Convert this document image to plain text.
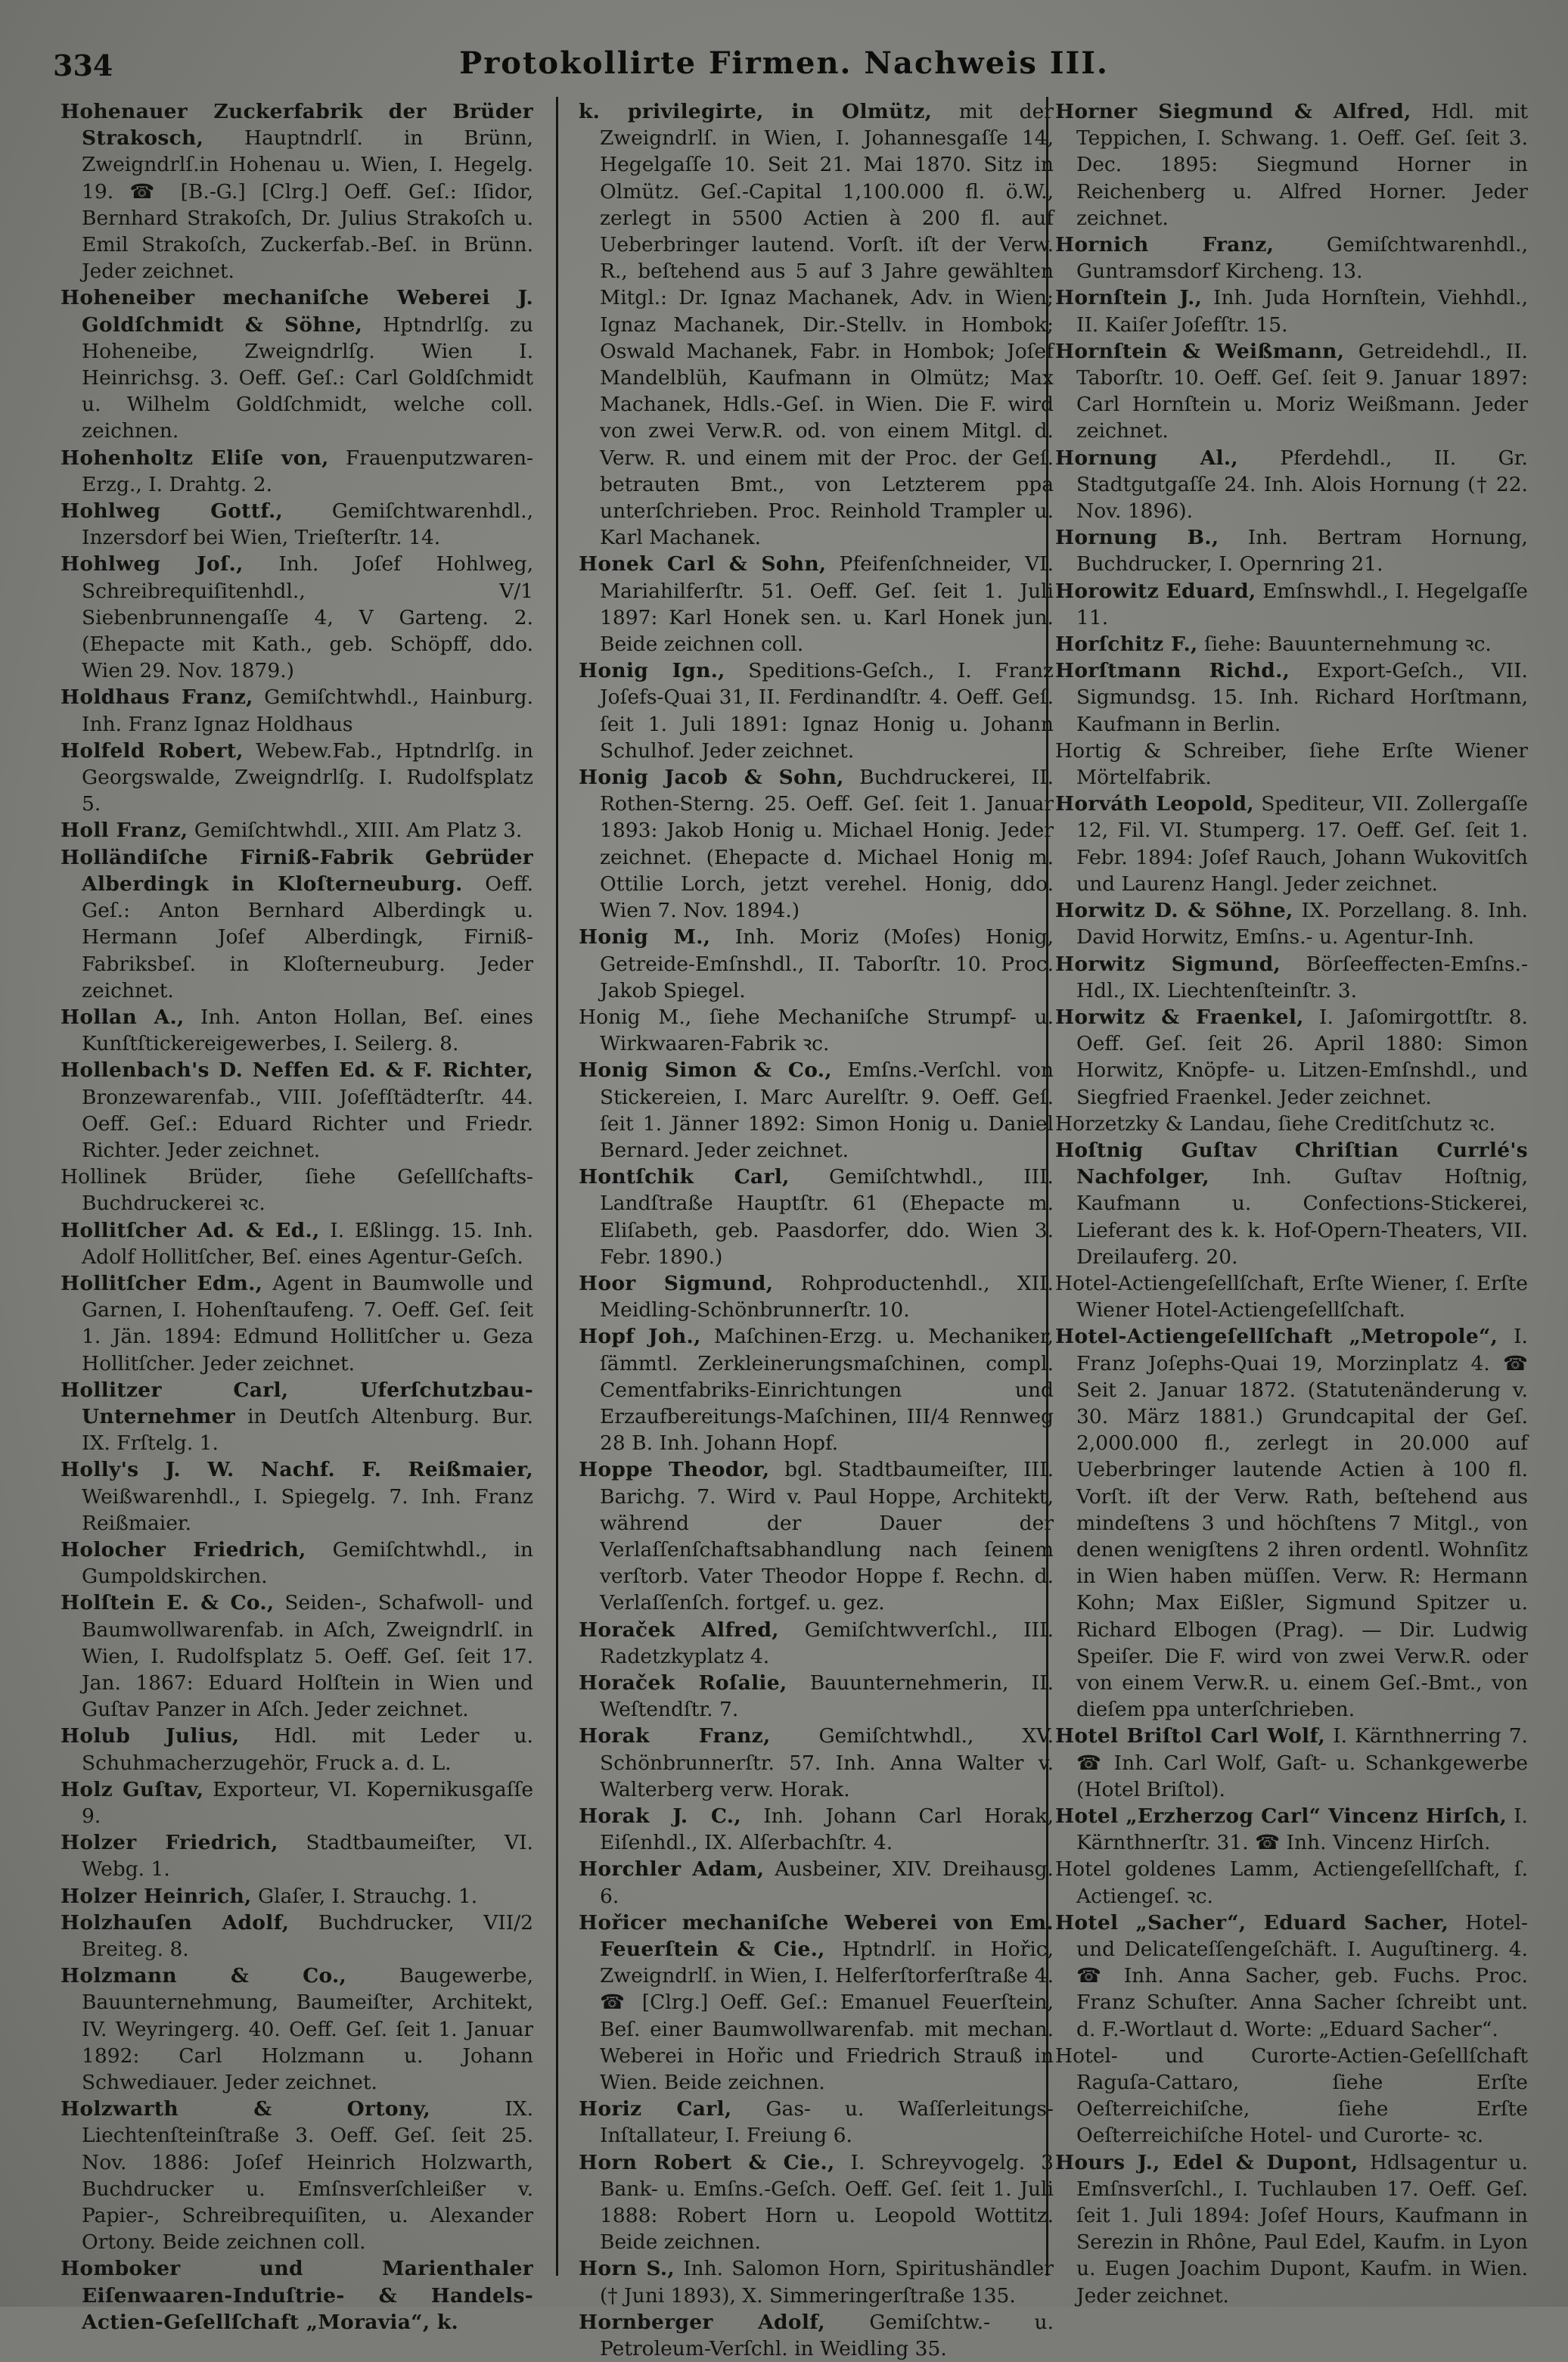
334	Protokollirte Firmen. Nachweis III.

Hohenauer Zuckerfabrik der Brüder Strakosch, Hauptndrlſ. in Brünn, Zweigndrlſ.in Hohenau u. Wien, I. Hegelg. 19. ☎ [B.-G.] [Clrg.] Oeff. Geſ.: Iſidor, Bernhard Strakoſch, Dr. Julius Strakoſch u. Emil Strakoſch, Zuckerfab.-Beſ. in Brünn. Jeder zeichnet.

Hoheneiber mechaniſche Weberei J. Goldſchmidt & Söhne, Hptndrlſg. zu Hoheneibe, Zweigndrlſg. Wien I. Heinrichsg. 3. Oeff. Geſ.: Carl Goldſchmidt u. Wilhelm Goldſchmidt, welche coll. zeichnen.

Hohenholtz Eliſe von, Frauenputzwaren-Erzg., I. Drahtg. 2.

Hohlweg Gottf., Gemiſchtwarenhdl., Inzersdorf bei Wien, Trieſterſtr. 14.

Hohlweg Joſ., Inh. Joſef Hohlweg, Schreibrequiſitenhdl., V/1 Siebenbrunnengaſſe 4, V Garteng. 2. (Ehepacte mit Kath., geb. Schöpff, ddo. Wien 29. Nov. 1879.)

Holdhaus Franz, Gemiſchtwhdl., Hainburg. Inh. Franz Ignaz Holdhaus

Holfeld Robert, Webew.Fab., Hptndrlſg. in Georgswalde, Zweigndrlſg. I. Rudolfsplatz 5.

Holl Franz, Gemiſchtwhdl., XIII. Am Platz 3.

Holländiſche Firniß-Fabrik Gebrüder Alberdingk in Kloſterneuburg. Oeff. Geſ.: Anton Bernhard Alberdingk u. Hermann Joſef Alberdingk, Firniß-Fabriksbeſ. in Kloſterneuburg. Jeder zeichnet.

Hollan A., Inh. Anton Hollan, Beſ. eines Kunſtſtickereigewerbes, I. Seilerg. 8.

Hollenbach's D. Neffen Ed. & F. Richter, Bronzewarenfab., VIII. Joſefſtädterſtr. 44. Oeff. Geſ.: Eduard Richter und Friedr. Richter. Jeder zeichnet.

Hollinek Brüder, ſiehe Geſellſchafts-Buchdruckerei ꝛc.

Hollitſcher Ad. & Ed., I. Eßlingg. 15. Inh. Adolf Hollitſcher, Beſ. eines Agentur-Geſch.

Hollitſcher Edm., Agent in Baumwolle und Garnen, I. Hohenſtaufeng. 7. Oeff. Geſ. ſeit 1. Jän. 1894: Edmund Hollitſcher u. Geza Hollitſcher. Jeder zeichnet.

Hollitzer Carl, Uferſchutzbau-Unternehmer in Deutſch Altenburg. Bur. IX. Frſtelg. 1.

Holly's J. W. Nachf. F. Reißmaier, Weißwarenhdl., I. Spiegelg. 7. Inh. Franz Reißmaier.

Holocher Friedrich, Gemiſchtwhdl., in Gumpoldskirchen.

Holſtein E. & Co., Seiden-, Schafwoll- und Baumwollwarenfab. in Aſch, Zweigndrlſ. in Wien, I. Rudolfsplatz 5. Oeff. Geſ. ſeit 17. Jan. 1867: Eduard Holſtein in Wien und Guſtav Panzer in Aſch. Jeder zeichnet.

Holub Julius, Hdl. mit Leder u. Schuhmacherzugehör, Fruck a. d. L.

Holz Guſtav, Exporteur, VI. Kopernikusgaſſe 9.

Holzer Friedrich, Stadtbaumeiſter, VI. Webg. 1.

Holzer Heinrich, Glaſer, I. Strauchg. 1.

Holzhauſen Adolf, Buchdrucker, VII/2 Breiteg. 8.

Holzmann & Co.,	Baugewerbe, Bauunternehmung, Baumeiſter, Architekt, IV. Weyringerg. 40. Oeff. Geſ. ſeit 1. Januar 1892: Carl Holzmann u. Johann Schwediauer. Jeder zeichnet.

Holzwarth & Ortony,	IX. Liechtenſteinſtraße 3. Oeff. Geſ. ſeit 25. Nov. 1886: Joſef Heinrich Holzwarth, Buchdrucker u. Emſnsverſchleißer v. Papier-, Schreibrequiſiten, u. Alexander Ortony. Beide zeichnen coll.

Homboker und Marienthaler Eiſenwaaren-Induſtrie- & Handels-Actien-Geſellſchaft „Moravia“, k.

k. privilegirte, in Olmütz, mit der Zweigndrlſ. in Wien, I. Johannesgaſſe 14, Hegelgaſſe 10. Seit 21. Mai 1870. Sitz in Olmütz. Geſ.-Capital 1,100.000 fl. ö.W., zerlegt in 5500 Actien à 200 fl. auf Ueberbringer lautend. Vorſt. iſt der Verw. R., beſtehend aus 5 auf 3 Jahre gewählten Mitgl.: Dr. Ignaz Machanek, Adv. in Wien; Ignaz Machanek, Dir.-Stellv. in Hombok; Oswald Machanek, Fabr. in Hombok; Joſef Mandelblüh, Kaufmann in Olmütz; Max Machanek, Hdls.-Geſ. in Wien. Die F. wird von zwei Verw.R. od. von einem Mitgl. d. Verw. R. und einem mit der Proc. der Geſ. betrauten Bmt., von Letzterem ppa unterſchrieben. Proc. Reinhold Trampler u. Karl Machanek.

Honek Carl & Sohn, Pfeifenſchneider, VI. Mariahilferſtr. 51. Oeff. Geſ. ſeit 1. Juli 1897: Karl Honek sen. u. Karl Honek jun. Beide zeichnen coll.

Honig Ign., Speditions-Geſch., I. Franz Joſefs-Quai 31, II. Ferdinandſtr. 4. Oeff. Geſ. ſeit 1. Juli 1891: Ignaz Honig u. Johann Schulhof. Jeder zeichnet.

Honig Jacob & Sohn, Buchdruckerei, II. Rothen-Sterng. 25. Oeff. Geſ. ſeit 1. Januar 1893: Jakob Honig u. Michael Honig. Jeder zeichnet. (Ehepacte d. Michael Honig m. Ottilie Lorch, jetzt verehel. Honig, ddo. Wien 7. Nov. 1894.)

Honig M., Inh. Moriz (Moſes) Honig, Getreide-Emſnshdl., II. Taborſtr. 10. Proc. Jakob Spiegel.

Honig M., ſiehe Mechaniſche Strumpf- u. Wirkwaaren-Fabrik ꝛc.

Honig Simon & Co., Emſns.-Verſchl. von Stickereien, I. Marc Aurelſtr. 9. Oeff. Geſ. ſeit 1. Jänner 1892: Simon Honig u. Daniel Bernard. Jeder zeichnet.

Hontſchik Carl, Gemiſchtwhdl., III. Landſtraße Hauptſtr. 61 (Ehepacte m. Eliſabeth, geb. Paasdorfer, ddo. Wien 3. Febr. 1890.)

Hoor Sigmund, Rohproductenhdl., XII. Meidling-Schönbrunnerſtr. 10.

Hopf Joh., Maſchinen-Erzg. u. Mechaniker, ſämmtl. Zerkleinerungsmaſchinen, compl. Cementfabriks-Einrichtungen und Erzaufbereitungs-Maſchinen, III/4 Rennweg 28 B. Inh. Johann Hopf.

Hoppe Theodor, bgl. Stadtbaumeiſter, III. Barichg. 7. Wird v. Paul Hoppe, Architekt, während der Dauer der Verlaſſenſchaftsabhandlung nach ſeinem verſtorb. Vater Theodor Hoppe f. Rechn. d. Verlaſſenſch. fortgef. u. gez.

Horaček Alfred, Gemiſchtwverſchl., III. Radetzkyplatz 4.

Horaček Roſalie, Bauunternehmerin, II. Weſtendſtr. 7.

Horak Franz, Gemiſchtwhdl., XV. Schönbrunnerſtr. 57. Inh. Anna Walter v. Walterberg verw. Horak.

Horak J. C., Inh. Johann Carl Horak, Eiſenhdl., IX. Alſerbachſtr. 4.

Horchler Adam, Ausbeiner, XIV. Dreihausg. 6.

Hořicer mechaniſche Weberei von Em. Feuerſtein & Cie., Hptndrlſ. in Hořic, Zweigndrlſ. in Wien, I. Helferſtorferſtraße 4. ☎ [Clrg.] Oeff. Geſ.: Emanuel Feuerſtein, Beſ. einer Baumwollwarenfab. mit mechan. Weberei in Hořic und Friedrich Strauß in Wien. Beide zeichnen.

Horiz Carl, Gas- u. Waſſerleitungs-Inſtallateur, I. Freiung 6.

Horn Robert & Cie., I. Schreyvogelg. 3 Bank- u. Emſns.-Geſch. Oeff. Geſ. ſeit 1. Juli 1888: Robert Horn u. Leopold Wottitz. Beide zeichnen.

Horn S., Inh. Salomon Horn, Spiritushändler († Juni 1893), X. Simmeringerſtraße 135.

Hornberger Adolf, Gemiſchtw.- u. Petroleum-Verſchl. in Weidling 35.

Horner Siegmund & Alfred, Hdl. mit Teppichen, I. Schwang. 1. Oeff. Geſ. ſeit 3. Dec. 1895: Siegmund Horner in Reichenberg u. Alfred Horner. Jeder zeichnet.

Hornich Franz,	Gemiſchtwarenhdl., Guntramsdorf Kircheng. 13.

Hornſtein J., Inh. Juda Hornſtein, Viehhdl., II. Kaiſer Joſefſtr. 15.

Hornſtein & Weißmann, Getreidehdl., II. Taborſtr. 10. Oeff. Geſ. ſeit 9. Januar 1897: Carl Hornſtein u. Moriz Weißmann. Jeder zeichnet.

Hornung Al., Pferdehdl., II. Gr. Stadtgutgaſſe 24. Inh. Alois Hornung († 22. Nov. 1896).

Hornung B., Inh. Bertram Hornung, Buchdrucker, I. Opernring 21.

Horowitz Eduard, Emſnswhdl., I. Hegelgaſſe 11.

Horſchitz F., ſiehe: Bauunternehmung ꝛc.

Horſtmann Richd., Export-Geſch., VII. Sigmundsg. 15. Inh. Richard Horſtmann, Kaufmann in Berlin.

Hortig & Schreiber, ſiehe Erſte Wiener Mörtelfabrik.

Horváth Leopold, Spediteur, VII. Zollergaſſe 12, Fil. VI. Stumperg. 17. Oeff. Geſ. ſeit 1. Febr. 1894: Joſef Rauch, Johann Wukovitſch und Laurenz Hangl. Jeder zeichnet.

Horwitz D. & Söhne, IX. Porzellang. 8. Inh. David Horwitz, Emſns.- u. Agentur-Inh.

Horwitz Sigmund, Börſeeffecten-Emſns.-Hdl., IX. Liechtenſteinſtr. 3.

Horwitz & Fraenkel, I. Jaſomirgottſtr. 8. Oeff. Geſ. ſeit 26. April 1880: Simon Horwitz, Knöpfe- u. Litzen-Emſnshdl., und Siegfried Fraenkel. Jeder zeichnet.

Horzetzky & Landau, ſiehe Creditſchutz ꝛc.

Hoſtnig Guſtav Chriſtian Currlé's Nachfolger, Inh. Guſtav Hoſtnig, Kaufmann u. Confections-Stickerei, Lieferant des k. k. Hof-Opern-Theaters, VII. Dreilauferg. 20.

Hotel-Actiengeſellſchaft, Erſte Wiener, ſ. Erſte Wiener Hotel-Actiengeſellſchaft.

Hotel-Actiengeſellſchaft „Metropole“, I. Franz Joſephs-Quai 19, Morzinplatz 4. ☎ Seit 2. Januar 1872. (Statutenänderung v. 30. März 1881.) Grundcapital der Geſ. 2,000.000 fl., zerlegt in 20.000 auf Ueberbringer lautende Actien à 100 fl. Vorſt. iſt der Verw. Rath, beſtehend aus mindeſtens 3 und höchſtens 7 Mitgl., von denen wenigſtens 2 ihren ordentl. Wohnſitz in Wien haben müſſen. Verw. R: Hermann Kohn; Max Eißler, Sigmund Spitzer u. Richard Elbogen (Prag). — Dir. Ludwig Speiſer. Die F. wird von zwei Verw.R. oder von einem Verw.R. u. einem Geſ.-Bmt., von dieſem ppa unterſchrieben.

Hotel Briſtol Carl Wolf, I. Kärnthnerring 7. ☎ Inh. Carl Wolf, Gaſt- u. Schankgewerbe (Hotel Briſtol).

Hotel „Erzherzog Carl“ Vincenz Hirſch, I. Kärnthnerſtr. 31. ☎ Inh. Vincenz Hirſch.

Hotel goldenes Lamm, Actiengeſellſchaft, ſ. Actiengeſ. ꝛc.

Hotel „Sacher“, Eduard Sacher, Hotel- und Delicateſſengeſchäft. I. Auguſtinerg. 4. ☎ Inh. Anna Sacher, geb. Fuchs. Proc. Franz Schuſter. Anna Sacher ſchreibt unt. d. F.-Wortlaut d. Worte: „Eduard Sacher“.

Hotel- und Curorte-Actien-Geſellſchaft Raguſa-Cattaro, ſiehe Erſte Oeſterreichiſche, ſiehe Erſte Oeſterreichiſche Hotel- und Curorte- ꝛc.

Hours J., Edel & Dupont, Hdlsagentur u. Emſnsverſchl., I. Tuchlauben 17. Oeff. Geſ. ſeit 1. Juli 1894: Joſef Hours, Kaufmann in Serezin in Rhône, Paul Edel, Kaufm. in Lyon u. Eugen Joachim Dupont, Kaufm. in Wien. Jeder zeichnet.
